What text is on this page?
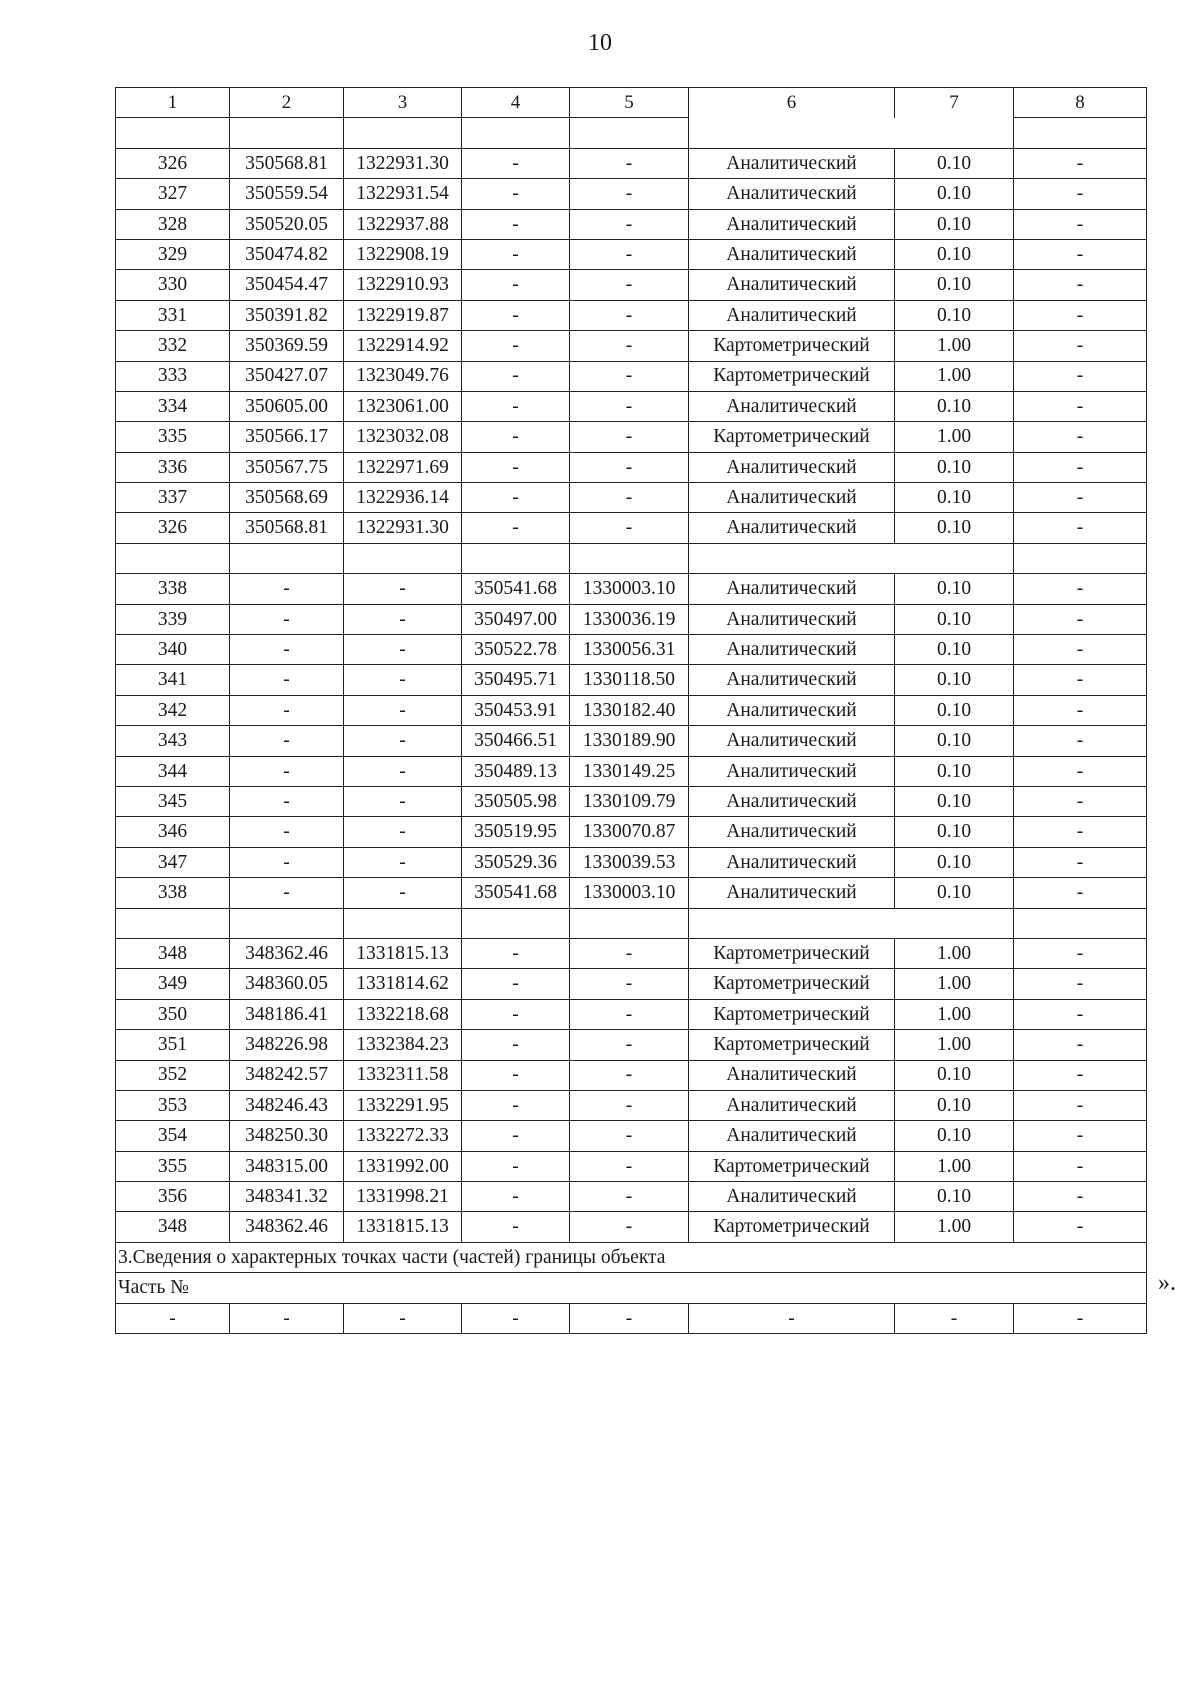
10
1	2	3	4	5	6	7	8

326	350568.81	1322931.30	-	-	Аналитический	0.10	-
327	350559.54	1322931.54	-	-	Аналитический	0.10	-
328	350520.05	1322937.88	-	-	Аналитический	0.10	-
329	350474.82	1322908.19	-	-	Аналитический	0.10	-
330	350454.47	1322910.93	-	-	Аналитический	0.10	-
331	350391.82	1322919.87	-	-	Аналитический	0.10	-
332	350369.59	1322914.92	-	-	Картометрический	1.00	-
333	350427.07	1323049.76	-	-	Картометрический	1.00	-
334	350605.00	1323061.00	-	-	Аналитический	0.10	-
335	350566.17	1323032.08	-	-	Картометрический	1.00	-
336	350567.75	1322971.69	-	-	Аналитический	0.10	-
337	350568.69	1322936.14	-	-	Аналитический	0.10	-
326	350568.81	1322931.30	-	-	Аналитический	0.10	-

338	-	-	350541.68	1330003.10	Аналитический	0.10	-
339	-	-	350497.00	1330036.19	Аналитический	0.10	-
340	-	-	350522.78	1330056.31	Аналитический	0.10	-
341	-	-	350495.71	1330118.50	Аналитический	0.10	-
342	-	-	350453.91	1330182.40	Аналитический	0.10	-
343	-	-	350466.51	1330189.90	Аналитический	0.10	-
344	-	-	350489.13	1330149.25	Аналитический	0.10	-
345	-	-	350505.98	1330109.79	Аналитический	0.10	-
346	-	-	350519.95	1330070.87	Аналитический	0.10	-
347	-	-	350529.36	1330039.53	Аналитический	0.10	-
338	-	-	350541.68	1330003.10	Аналитический	0.10	-

348	348362.46	1331815.13	-	-	Картометрический	1.00	-
349	348360.05	1331814.62	-	-	Картометрический	1.00	-
350	348186.41	1332218.68	-	-	Картометрический	1.00	-
351	348226.98	1332384.23	-	-	Картометрический	1.00	-
352	348242.57	1332311.58	-	-	Аналитический	0.10	-
353	348246.43	1332291.95	-	-	Аналитический	0.10	-
354	348250.30	1332272.33	-	-	Аналитический	0.10	-
355	348315.00	1331992.00	-	-	Картометрический	1.00	-
356	348341.32	1331998.21	-	-	Аналитический	0.10	-
348	348362.46	1331815.13	-	-	Картометрический	1.00	-
3.Сведения о характерных точках части (частей) границы объекта							
Часть №							
-	-	-	-	-	-	-	-
».
